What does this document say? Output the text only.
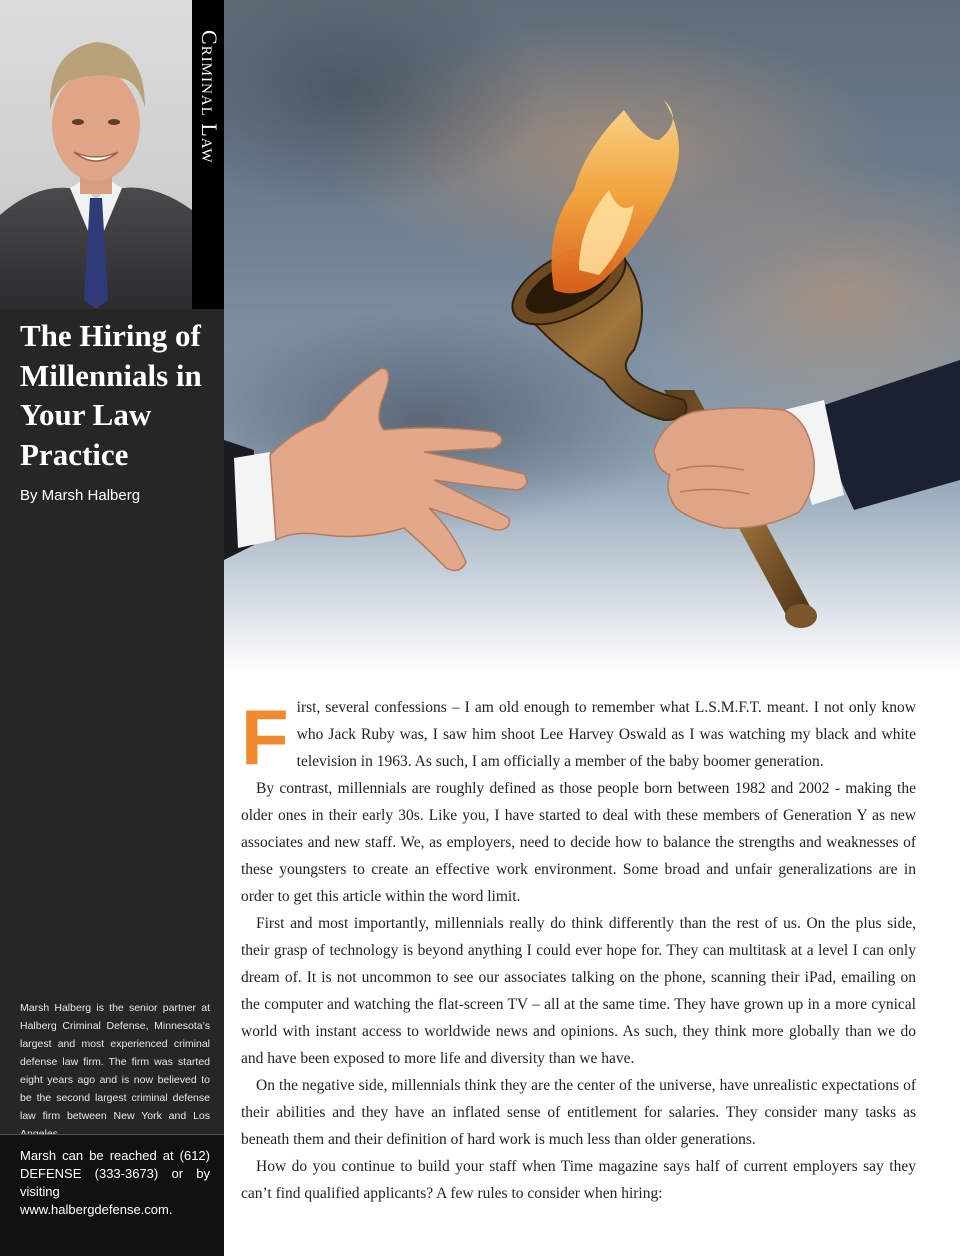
Criminal Law
The Hiring of Millennials in Your Law Practice

By Marsh Halberg

Marsh Halberg is the senior partner at Halberg Criminal Defense, Minnesota’s largest and most experienced criminal defense law firm. The firm was started eight years ago and is now believed to be the second largest criminal defense law firm between New York and Los

Marsh can be reached at (612) DEFENSE (333-3673) or by visiting www.halbergdefense.com.

F irst, several confessions – I am old enough to remember what L.S.M.F.T. meant. I not only know who Jack Ruby was, I saw him shoot Lee Harvey Oswald as I was watching my black and white television in 1963. As such, I am officially a member of the baby boomer generation.

By contrast, millennials are roughly defined as those people born between 1982 and 2002 - making the older ones in their early 30s. Like you, I have started to deal with these members of Generation Y as new associates and new staff. We, as employers, need to decide how to balance the strengths and weaknesses of these youngsters to create an effective work environment. Some broad and unfair generalizations are in order to get this article within the word limit.

First and most importantly, millennials really do think differently than the rest of us. On the plus side, their grasp of technology is beyond anything I could ever hope for. They can multitask at a level I can only dream of. It is not uncommon to see our associates talking on the phone, scanning their iPad, emailing on the computer and watching the flat-screen TV – all at the same time. They have grown up in a more cynical world with instant access to worldwide news and opinions. As such, they think more globally than we do and have been exposed to more life and diversity than we have.

On the negative side, millennials think they are the center of the universe, have unrealistic expectations of their abilities and they have an inflated sense of entitlement for salaries. They consider many tasks as beneath them and their definition of hard work is much less than older generations.

How do you continue to build your staff when Time magazine says half of current employers say they can’t find qualified applicants? A few rules to consider when hiring:
